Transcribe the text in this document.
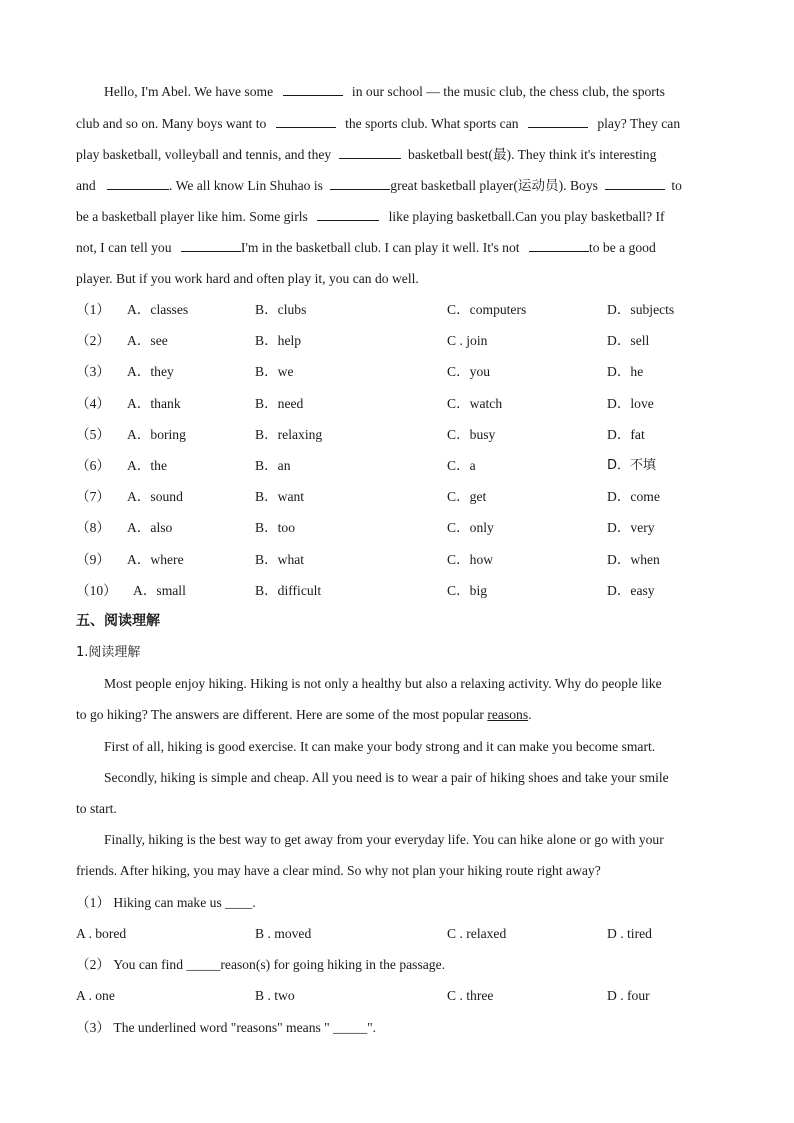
Hello, I'm Abel. We have some	in our school — the music club, the chess club, the sports
club and so on. Many boys want to	the sports club. What sports can	play? They can
play basketball, volleyball and tennis, and they	basketball best(最). They think it's interesting
and	. We all know Lin Shuhao is	great basketball player(运动员). Boys	to
be a basketball player like him. Some girls	like playing basketball.Can you play basketball? If
not, I can tell you	I'm in the basketball club. I can play it well. It's not	to be a good
player. But if you work hard and often play it, you can do well.
（1） A．classes	B．clubs	C．computers	D．subjects
（2） A．see	B．help	C . join	D．sell
（3） A．they	B．we	C．you	D．he
（4） A．thank	B．need	C．watch	D．love
（5） A．boring	B．relaxing	C．busy	D．fat
（6） A．the	B．an	C．a	D．不填
（7） A．sound	B．want	C．get	D．come
（8） A．also	B．too	C．only	D．very
（9） A．where	B．what	C．how	D．when
（10） A．small	B．difficult	C．big	D．easy
五、阅读理解
1.阅读理解
Most people enjoy hiking. Hiking is not only a healthy but also a relaxing activity. Why do people like
to go hiking? The answers are different. Here are some of the most popular reasons.
First of all, hiking is good exercise. It can make your body strong and it can make you become smart.
Secondly, hiking is simple and cheap. All you need is to wear a pair of hiking shoes and take your smile
to start.
Finally, hiking is the best way to get away from your everyday life. You can hike alone or go with your
friends. After hiking, you may have a clear mind. So why not plan your hiking route right away?
（1） Hiking can make us ____.
A . bored	B . moved	C . relaxed	D . tired
（2） You can find _____reason(s) for going hiking in the passage.
A . one	B . two	C . three	D . four
（3） The underlined word "reasons" means " _____".
